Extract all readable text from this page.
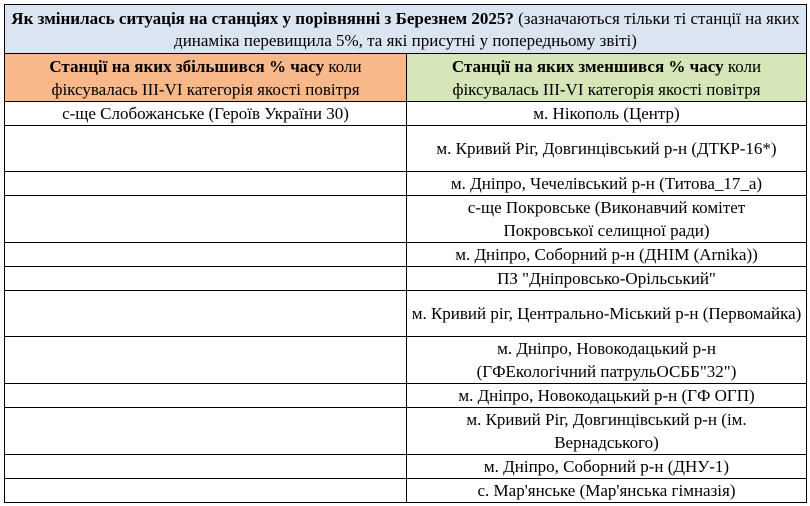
Як змінилась ситуація на станціях у порівнянні з Березнем 2025? (зазначаються тільки ті станції на яких динаміка перевищила 5%, та які присутні у попередньому звіті)	
Станції на яких збільшився % часу коли фіксувалась ІІІ-VI категорія якості повітря	Станції на яких зменшився % часу коли фіксувалась ІІІ-VI категорія якості повітря
с-ще Слобожанське (Героїв України 30)	м. Нікополь (Центр)
	м. Кривий Ріг, Довгинцівський р-н (ДТКР-16*)
	м. Дніпро, Чечелівський р-н (Титова_17_а)
	с-ще Покровське (Виконавчий комітет Покровської селищної ради)
	м. Дніпро, Соборний р-н (ДНІМ (Arnika))
	ПЗ "Дніпровсько-Орільський"
	м. Кривий ріг, Центрально-Міський р-н (Первомайка)
	м. Дніпро, Новокодацький р-н (ГФЕкологічний патрульОСББ"32")
	м. Дніпро, Новокодацький р-н (ГФ ОГП)
	м. Кривий Ріг, Довгинцівський р-н (ім. Вернадського)
	м. Дніпро, Соборний р-н (ДНУ-1)
	с. Мар'янське (Мар'янська гімназія)
